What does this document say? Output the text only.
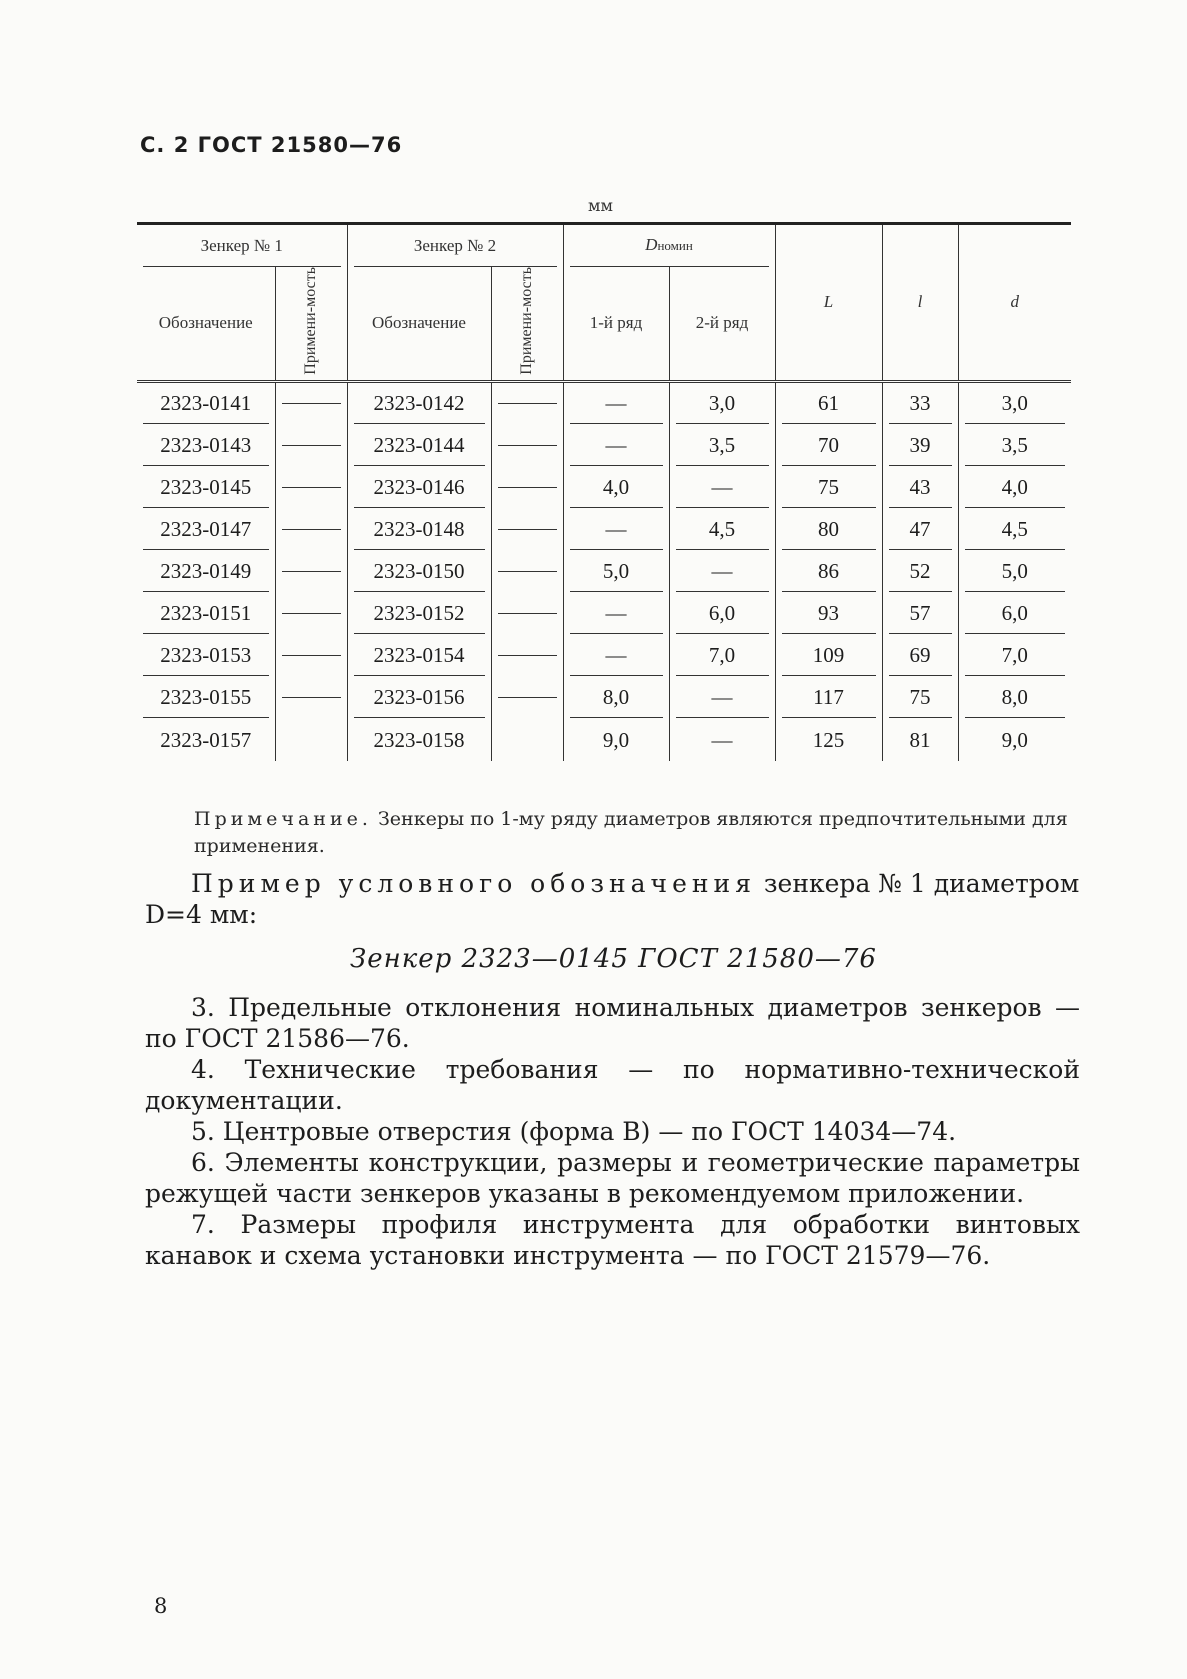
С. 2 ГОСТ 21580—76
мм
Зенкер № 1		Зенкер № 2		Dномин		L	l	d
Обозначение	Примени-мость	Обозначение	Примени-мость	1-й ряд	2-й ряд			

2323-0141		2323-0142		—	3,0	61	33	3,0

2323-0143		2323-0144		—	3,5	70	39	3,5

2323-0145		2323-0146		4,0	—	75	43	4,0

2323-0147		2323-0148		—	4,5	80	47	4,5

2323-0149		2323-0150		5,0	—	86	52	5,0

2323-0151		2323-0152		—	6,0	93	57	6,0

2323-0153		2323-0154		—	7,0	109	69	7,0

2323-0155		2323-0156		8,0	—	117	75	8,0

2323-0157		2323-0158		9,0	—	125	81	9,0
Примечание. Зенкеры по 1-му ряду диаметров являются предпочтительными для применения.
Пример условного обозначения зенкера № 1 диаметром D=4 мм:
Зенкер 2323—0145 ГОСТ 21580—76

3. Предельные отклонения номинальных диаметров зенкеров — по ГОСТ 21586—76.

4. Технические требования — по нормативно-технической документации.

5. Центровые отверстия (форма В) — по ГОСТ 14034—74.

6. Элементы конструкции, размеры и геометрические параметры режущей части зенкеров указаны в рекомендуемом приложении.

7. Размеры профиля инструмента для обработки винтовых канавок и схема установки инструмента — по ГОСТ 21579—76.

8
